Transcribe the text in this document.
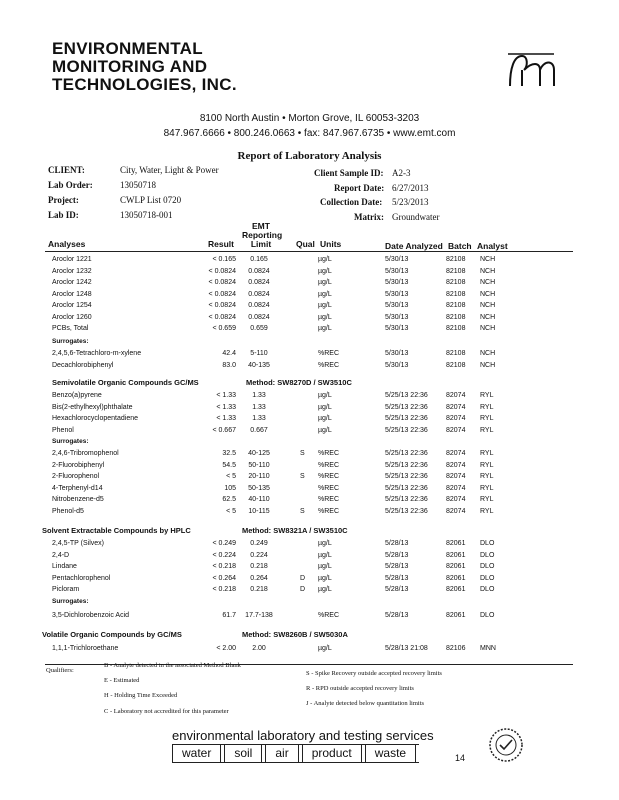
ENVIRONMENTAL
MONITORING AND
TECHNOLOGIES, INC.
8100 North Austin • Morton Grove, IL 60053-3203
847.967.6666 • 800.246.0663 • fax: 847.967.6735 • www.emt.com
Report of Laboratory Analysis
CLIENT:	City, Water, Light & Power
Lab Order:	13050718
Project:	CWLP List 0720
Lab ID:	13050718-001
Client Sample ID: A2-3
Report Date: 6/27/2013
Collection Date: 5/23/2013
Matrix: Groundwater
Analyses	Result
EMT
Reporting
Limit	Qual Units	Date Analyzed Batch Analyst
Aroclor 1221	< 0.165	0.165	µg/L	5/30/13	82108 NCH
Aroclor 1232	< 0.0824	0.0824	µg/L	5/30/13	82108 NCH
Aroclor 1242	< 0.0824	0.0824	µg/L	5/30/13	82108 NCH
Aroclor 1248	< 0.0824	0.0824	µg/L	5/30/13	82108 NCH
Aroclor 1254	< 0.0824	0.0824	µg/L	5/30/13	82108 NCH
Aroclor 1260	< 0.0824	0.0824	µg/L	5/30/13	82108 NCH
PCBs, Total	< 0.659	0.659	µg/L	5/30/13	82108 NCH
Surrogates:
2,4,5,6-Tetrachloro-m-xylene	42.4	5-110	%REC	5/30/13	82108 NCH
Decachlorobiphenyl	83.0	40-135	%REC	5/30/13	82108 NCH
Semivolatile Organic Compounds GC/MS	Method: SW8270D / SW3510C
Benzo(a)pyrene	< 1.33	1.33	µg/L	5/25/13 22:36	82074 RYL
Bis(2-ethylhexyl)phthalate	< 1.33	1.33	µg/L	5/25/13 22:36	82074 RYL
Hexachlorocyclopentadiene	< 1.33	1.33	µg/L	5/25/13 22:36	82074 RYL
Phenol	< 0.667	0.667	µg/L	5/25/13 22:36	82074 RYL
Surrogates:
2,4,6-Tribromophenol	32.5	40-125	S %REC	5/25/13 22:36	82074 RYL
2-Fluorobiphenyl	54.5	50-110	%REC	5/25/13 22:36	82074 RYL
2-Fluorophenol	< 5	20-110	S %REC	5/25/13 22:36	82074 RYL
4-Terphenyl-d14	105	50-135	%REC	5/25/13 22:36	82074 RYL
Nitrobenzene-d5	62.5	40-110	%REC	5/25/13 22:36	82074 RYL
Phenol-d5	< 5	10-115	S %REC	5/25/13 22:36	82074 RYL
Solvent Extractable Compounds by HPLC	Method: SW8321A / SW3510C
2,4,5-TP (Silvex)	< 0.249	0.249	µg/L	5/28/13	82061 DLO
2,4-D	< 0.224	0.224	µg/L	5/28/13	82061 DLO
Lindane	< 0.218	0.218	µg/L	5/28/13	82061 DLO
Pentachlorophenol	< 0.264	0.264	D µg/L	5/28/13	82061 DLO
Picloram	< 0.218	0.218	D µg/L	5/28/13	82061 DLO
Surrogates:
3,5-Dichlorobenzoic Acid	61.7	17.7-138	%REC	5/28/13	82061 DLO
Volatile Organic Compounds by GC/MS	Method: SW8260B / SW5030A
1,1,1-Trichloroethane	< 2.00	2.00	µg/L	5/28/13 21:08	82106 MNN
Qualifiers:
B - Analyte detected in the associated Method Blank
E - Estimated
H - Holding Time Exceeded
C - Laboratory not accredited for this parameter
S - Spike Recovery outside accepted recovery limits
R - RPD outside accepted recovery limits
J - Analyte detected below quantitation limits
environmental laboratory and testing services
water	soil	air	product	waste	14
